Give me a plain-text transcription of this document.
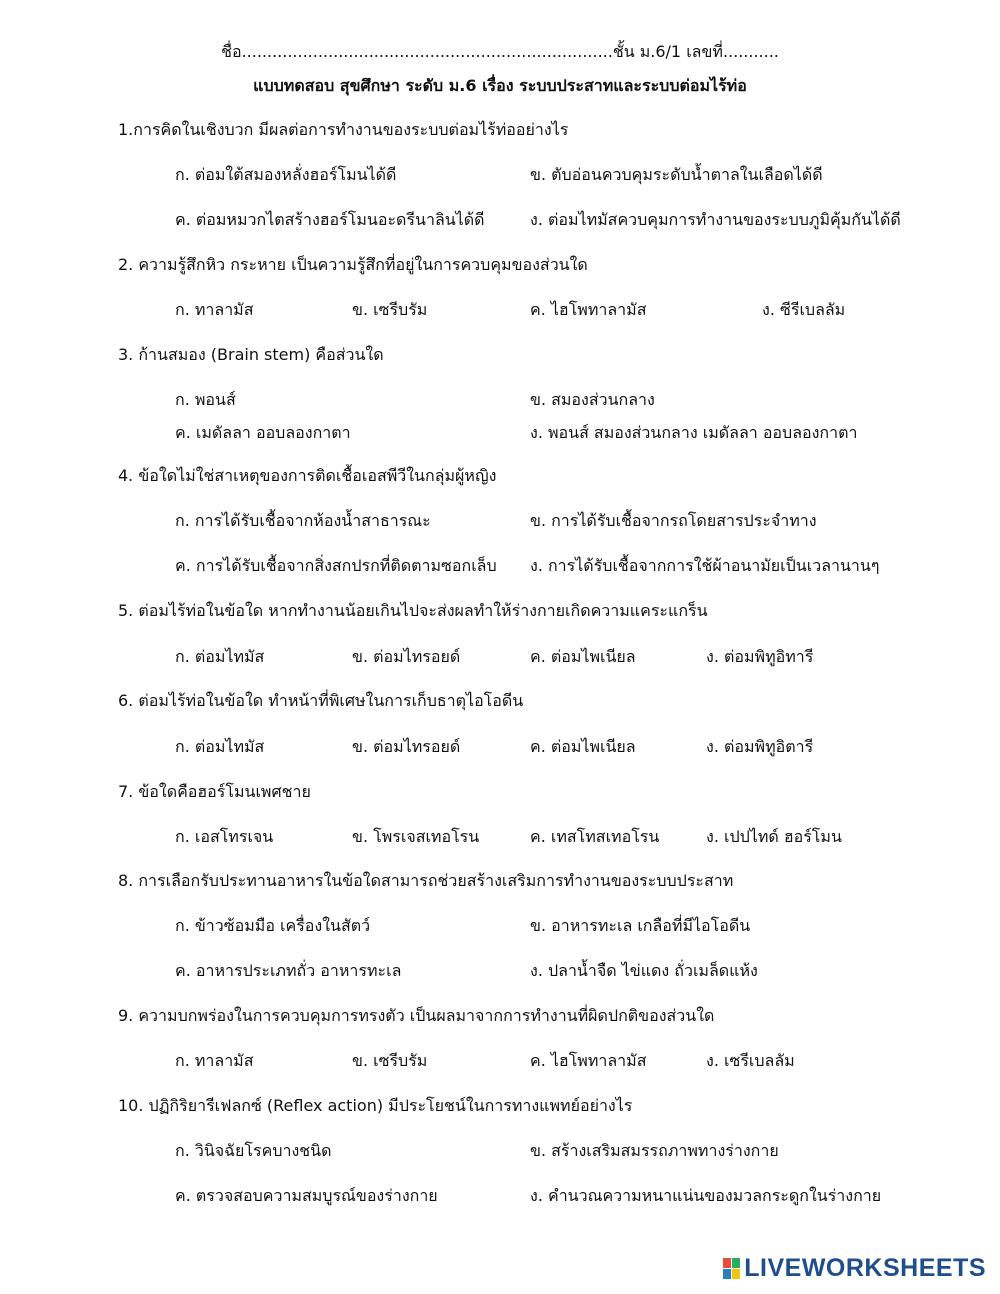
ชื่อ.........................................................................ชั้น ม.6/1 เลขที่...........
แบบทดสอบ สุขศึกษา ระดับ ม.6 เรื่อง ระบบประสาทและระบบต่อมไร้ท่อ
1.การคิดในเชิงบวก มีผลต่อการทำงานของระบบต่อมไร้ท่ออย่างไร
ก. ต่อมใต้สมองหลั่งฮอร์โมนได้ดี	ข. ตับอ่อนควบคุมระดับน้ำตาลในเลือดได้ดี
ค. ต่อมหมวกไตสร้างฮอร์โมนอะดรีนาลินได้ดี	ง. ต่อมไทมัสควบคุมการทำงานของระบบภูมิคุ้มกันได้ดี
2. ความรู้สึกหิว กระหาย เป็นความรู้สึกที่อยู่ในการควบคุมของส่วนใด
ก. ทาลามัส	ข. เซรีบรัม	ค. ไฮโพทาลามัส	ง. ซีรีเบลลัม
3. ก้านสมอง (Brain stem) คือส่วนใด
ก. พอนส์	ข. สมองส่วนกลาง
ค. เมดัลลา ออบลองกาตา	ง. พอนส์ สมองส่วนกลาง เมดัลลา ออบลองกาตา
4. ข้อใดไม่ใช่สาเหตุของการติดเชื้อเอสพีวีในกลุ่มผู้หญิง
ก. การได้รับเชื้อจากห้องน้ำสาธารณะ	ข. การได้รับเชื้อจากรถโดยสารประจำทาง
ค. การได้รับเชื้อจากสิ่งสกปรกที่ติดตามซอกเล็บ ง. การได้รับเชื้อจากการใช้ผ้าอนามัยเป็นเวลานานๆ
5. ต่อมไร้ท่อในข้อใด หากทำงานน้อยเกินไปจะส่งผลทำให้ร่างกายเกิดความแคระแกร็น
ก. ต่อมไทมัส	ข. ต่อมไทรอยด์	ค. ต่อมไพเนียล	ง. ต่อมพิทูอิทารี
6. ต่อมไร้ท่อในข้อใด ทำหน้าที่พิเศษในการเก็บธาตุไอโอดีน
ก. ต่อมไทมัส	ข. ต่อมไทรอยด์	ค. ต่อมไพเนียล	ง. ต่อมพิทูอิตารี
7. ข้อใดคือฮอร์โมนเพศชาย
ก. เอสโทรเจน	ข. โพรเจสเทอโรน	ค. เทสโทสเทอโรน	ง. เปปไทด์ ฮอร์โมน
8. การเลือกรับประทานอาหารในข้อใดสามารถช่วยสร้างเสริมการทำงานของระบบประสาท
ก. ข้าวซ้อมมือ เครื่องในสัตว์	ข. อาหารทะเล เกลือที่มีไอโอดีน
ค. อาหารประเภทถั่ว อาหารทะเล	ง. ปลาน้ำจืด ไข่แดง ถั่วเมล็ดแห้ง
9. ความบกพร่องในการควบคุมการทรงตัว เป็นผลมาจากการทำงานที่ผิดปกติของส่วนใด
ก. ทาลามัส	ข. เซรีบรัม	ค. ไฮโพทาลามัส	ง. เซรีเบลลัม
10. ปฏิกิริยารีเฟลกซ์ (Reflex action) มีประโยชน์ในการทางแพทย์อย่างไร
ก. วินิจฉัยโรคบางชนิด	ข. สร้างเสริมสมรรถภาพทางร่างกาย
ค. ตรวจสอบความสมบูรณ์ของร่างกาย	ง. คำนวณความหนาแน่นของมวลกระดูกในร่างกาย
LIVEWORKSHEETS
